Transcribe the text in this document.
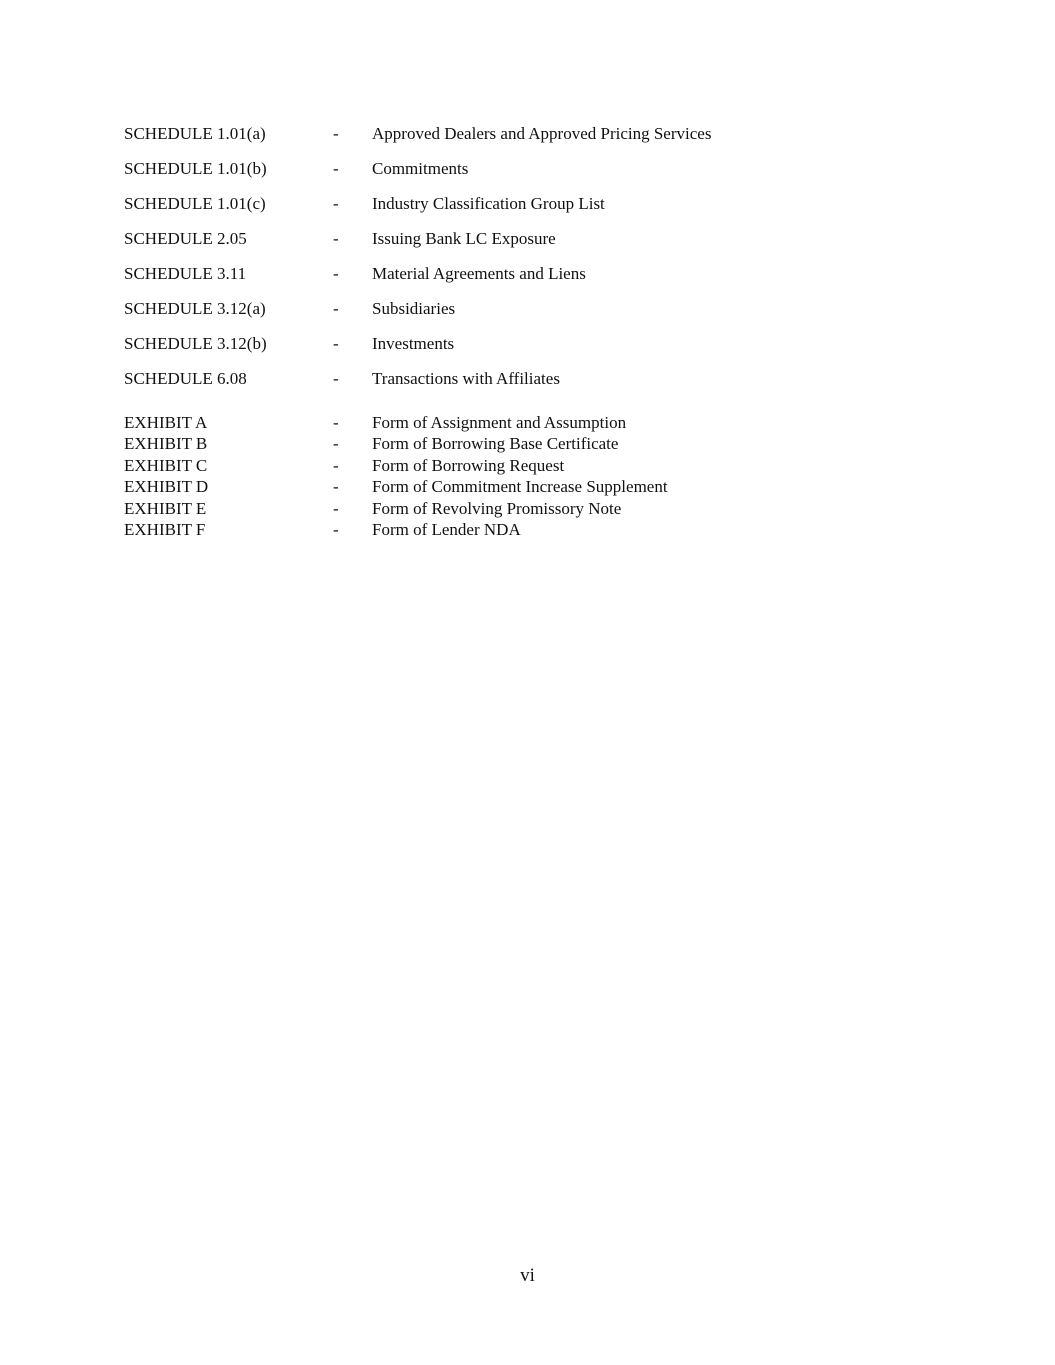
SCHEDULE 1.01(a)	- Approved Dealers and Approved Pricing Services
SCHEDULE 1.01(b)	- Commitments
SCHEDULE 1.01(c)	- Industry Classification Group List
SCHEDULE 2.05	- Issuing Bank LC Exposure
SCHEDULE 3.11	- Material Agreements and Liens
SCHEDULE 3.12(a)	- Subsidiaries
SCHEDULE 3.12(b)	- Investments
SCHEDULE 6.08	- Transactions with Affiliates
EXHIBIT A	- Form of Assignment and Assumption
EXHIBIT B	- Form of Borrowing Base Certificate
EXHIBIT C	- Form of Borrowing Request
EXHIBIT D	- Form of Commitment Increase Supplement
EXHIBIT E	- Form of Revolving Promissory Note
EXHIBIT F	- Form of Lender NDA
vi
